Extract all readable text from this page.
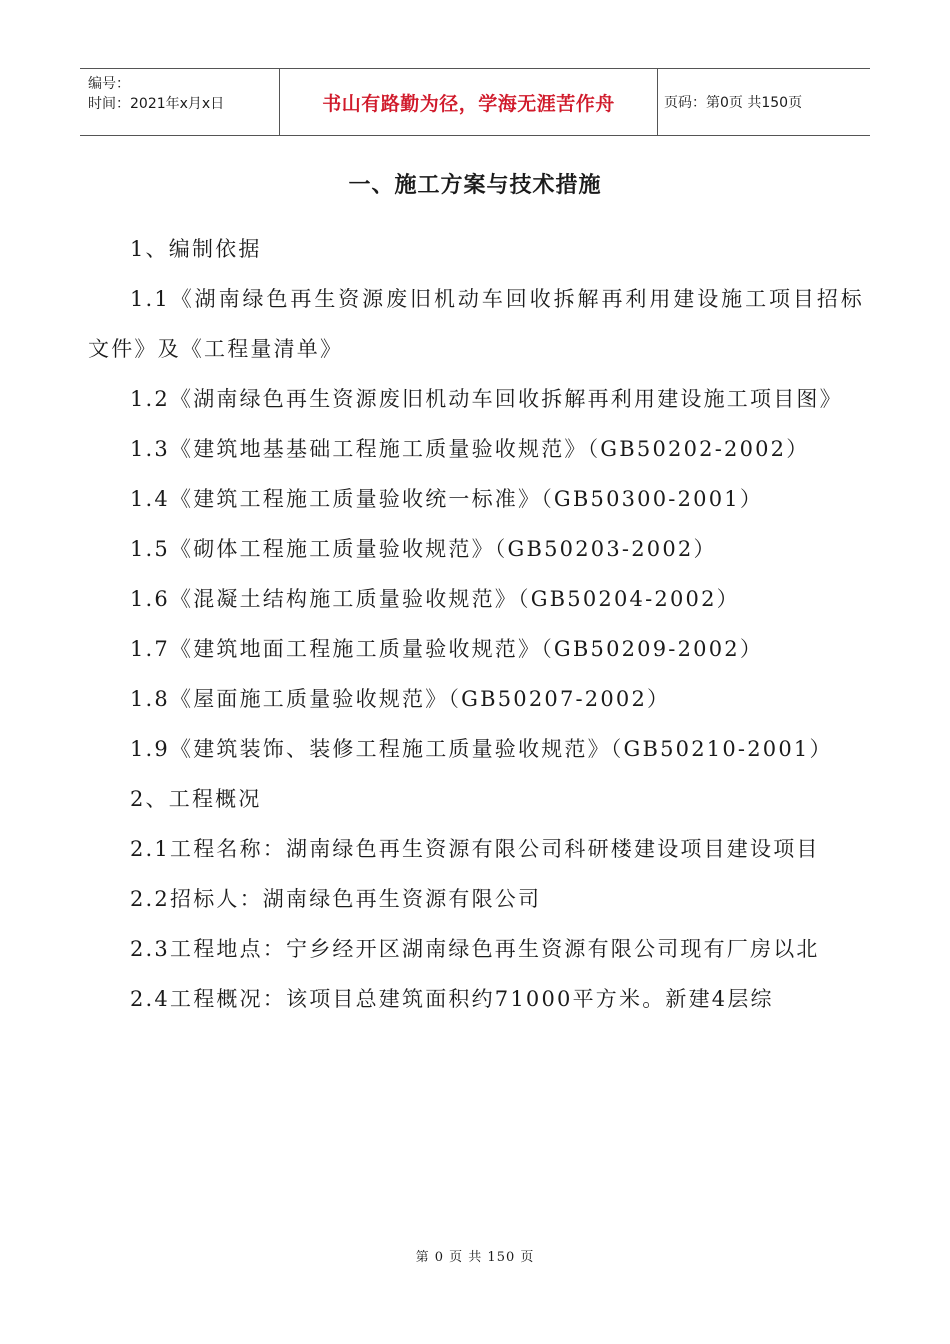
编号：
时间：2021年x月x日	书山有路勤为径，学海无涯苦作舟	页码：第0页 共150页
一、施工方案与技术措施

1、编制依据

1.1《湖南绿色再生资源废旧机动车回收拆解再利用建设施工项目招标文件》及《工程量清单》

1.2《湖南绿色再生资源废旧机动车回收拆解再利用建设施工项目图》

1.3《建筑地基基础工程施工质量验收规范》（GB50202-2002）

1.4《建筑工程施工质量验收统一标准》（GB50300-2001）

1.5《砌体工程施工质量验收规范》（GB50203-2002）

1.6《混凝土结构施工质量验收规范》（GB50204-2002）

1.7《建筑地面工程施工质量验收规范》（GB50209-2002）

1.8《屋面施工质量验收规范》（GB50207-2002）

1.9《建筑装饰、装修工程施工质量验收规范》（GB50210-2001）

2、工程概况

2.1工程名称：湖南绿色再生资源有限公司科研楼建设项目建设项目

2.2招标人：湖南绿色再生资源有限公司

2.3工程地点：宁乡经开区湖南绿色再生资源有限公司现有厂房以北

2.4工程概况：该项目总建筑面积约71000平方米。新建4层综

第 0 页 共 150 页
